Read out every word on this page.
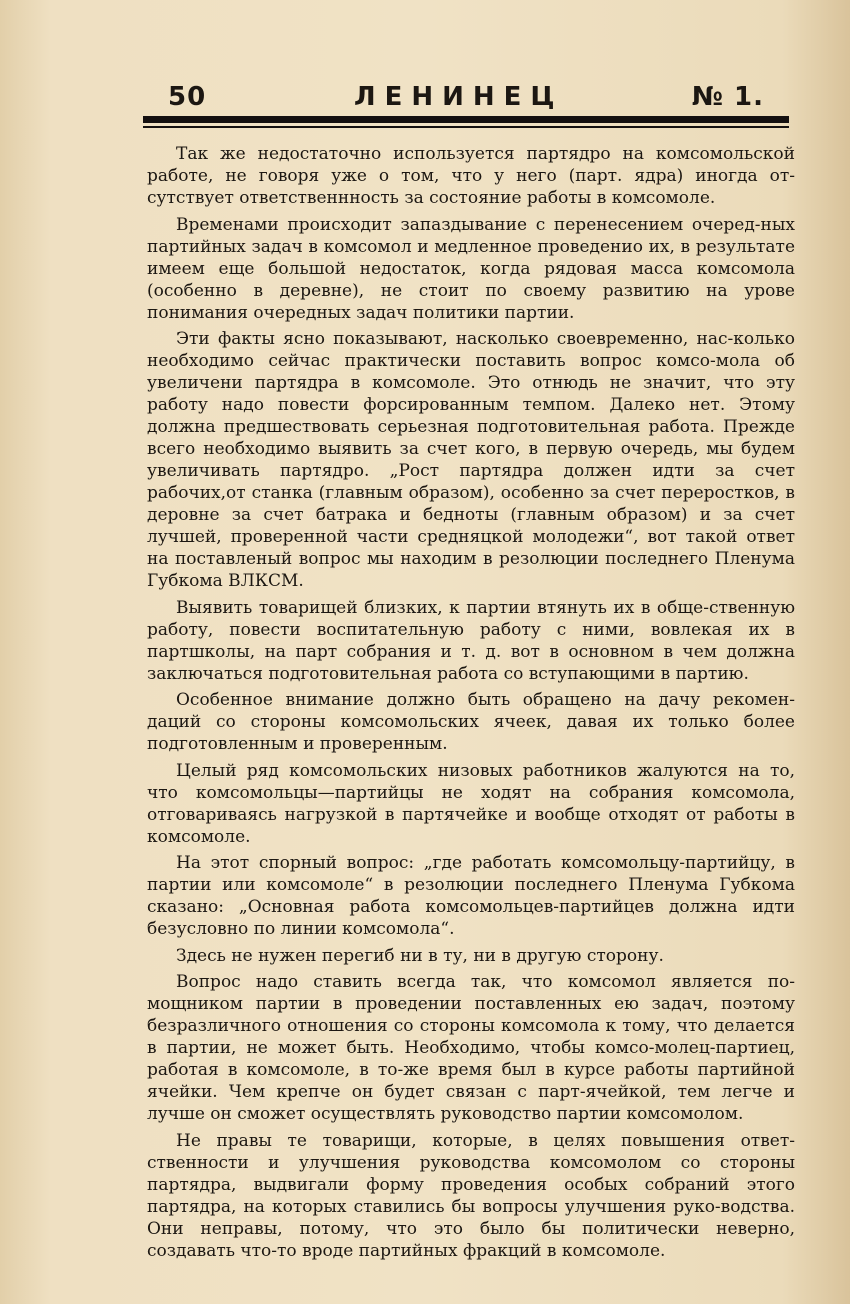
50	ЛЕНИНЕЦ	№ 1.

Так же недостаточно используется партядро на комсомольской работе, не говоря уже о том, что у него (парт. ядра) иногда от-сутствует ответственнность за состояние работы в комсомоле.

Временами происходит запаздывание с перенесением очеред-ных партийных задач в комсомол и медленное проведенио их, в результате имеем еще большой недостаток, когда рядовая масса комсомола (особенно в деревне), не стоит по своему развитию на урове понимания очередных задач политики партии.

Эти факты ясно показывают, насколько своевременно, нас-колько необходимо сейчас практически поставить вопрос комсо-мола об увеличени партядра в комсомоле. Это отнюдь не значит, что эту работу надо повести форсированным темпом. Далеко нет. Этому должна предшествовать серьезная подготовительная работа. Прежде всего необходимо выявить за счет кого, в первую очередь, мы будем увеличивать партядро. „Рост партядра должен идти за счет рабочих,от станка (главным образом), особенно за счет переростков, в деровне за счет батрака и бедноты (главным образом) и за счет лучшей, проверенной части средняцкой молодежи“, вот такой ответ на поставленый вопрос мы находим в резолюции последнего Пленума Губкома ВЛКСМ.

Выявить товарищей близких, к партии втянуть их в обще-ственную работу, повести воспитательную работу с ними, вовлекая их в партшколы, на парт собрания и т. д. вот в основном в чем должна заключаться подготовительная работа со вступающими в партию.

Особенное внимание должно быть обращено на дачу рекомен-даций со стороны комсомольских ячеек, давая их только более подготовленным и проверенным.

Целый ряд комсомольских низовых работников жалуются на то, что комсомольцы—партийцы не ходят на собрания комсомола, отговариваясь нагрузкой в партячейке и вообще отходят от работы в комсомоле.

На этот спорный вопрос: „где работать комсомольцу-партийцу, в партии или комсомоле“ в резолюции последнего Пленума Губкома сказано: „Основная работа комсомольцев-партийцев должна идти безусловно по линии комсомола“.

Здесь не нужен перегиб ни в ту, ни в другую сторону.

Вопрос надо ставить всегда так, что комсомол является по-мощником партии в проведении поставленных ею задач, поэтому безразличного отношения со стороны комсомола к тому, что делается в партии, не может быть. Необходимо, чтобы комсо-молец-партиец, работая в комсомоле, в то-же время был в курсе работы партийной ячейки. Чем крепче он будет связан с парт-ячейкой, тем легче и лучше он сможет осуществлять руководство партии комсомолом.

Не правы те товарищи, которые, в целях повышения ответ-ственности и улучшения руководства комсомолом со стороны партядра, выдвигали форму проведения особых собраний этого партядра, на которых ставились бы вопросы улучшения руко-водства. Они неправы, потому, что это было бы политически неверно, создавать что-то вроде партийных фракций в комсомоле.
